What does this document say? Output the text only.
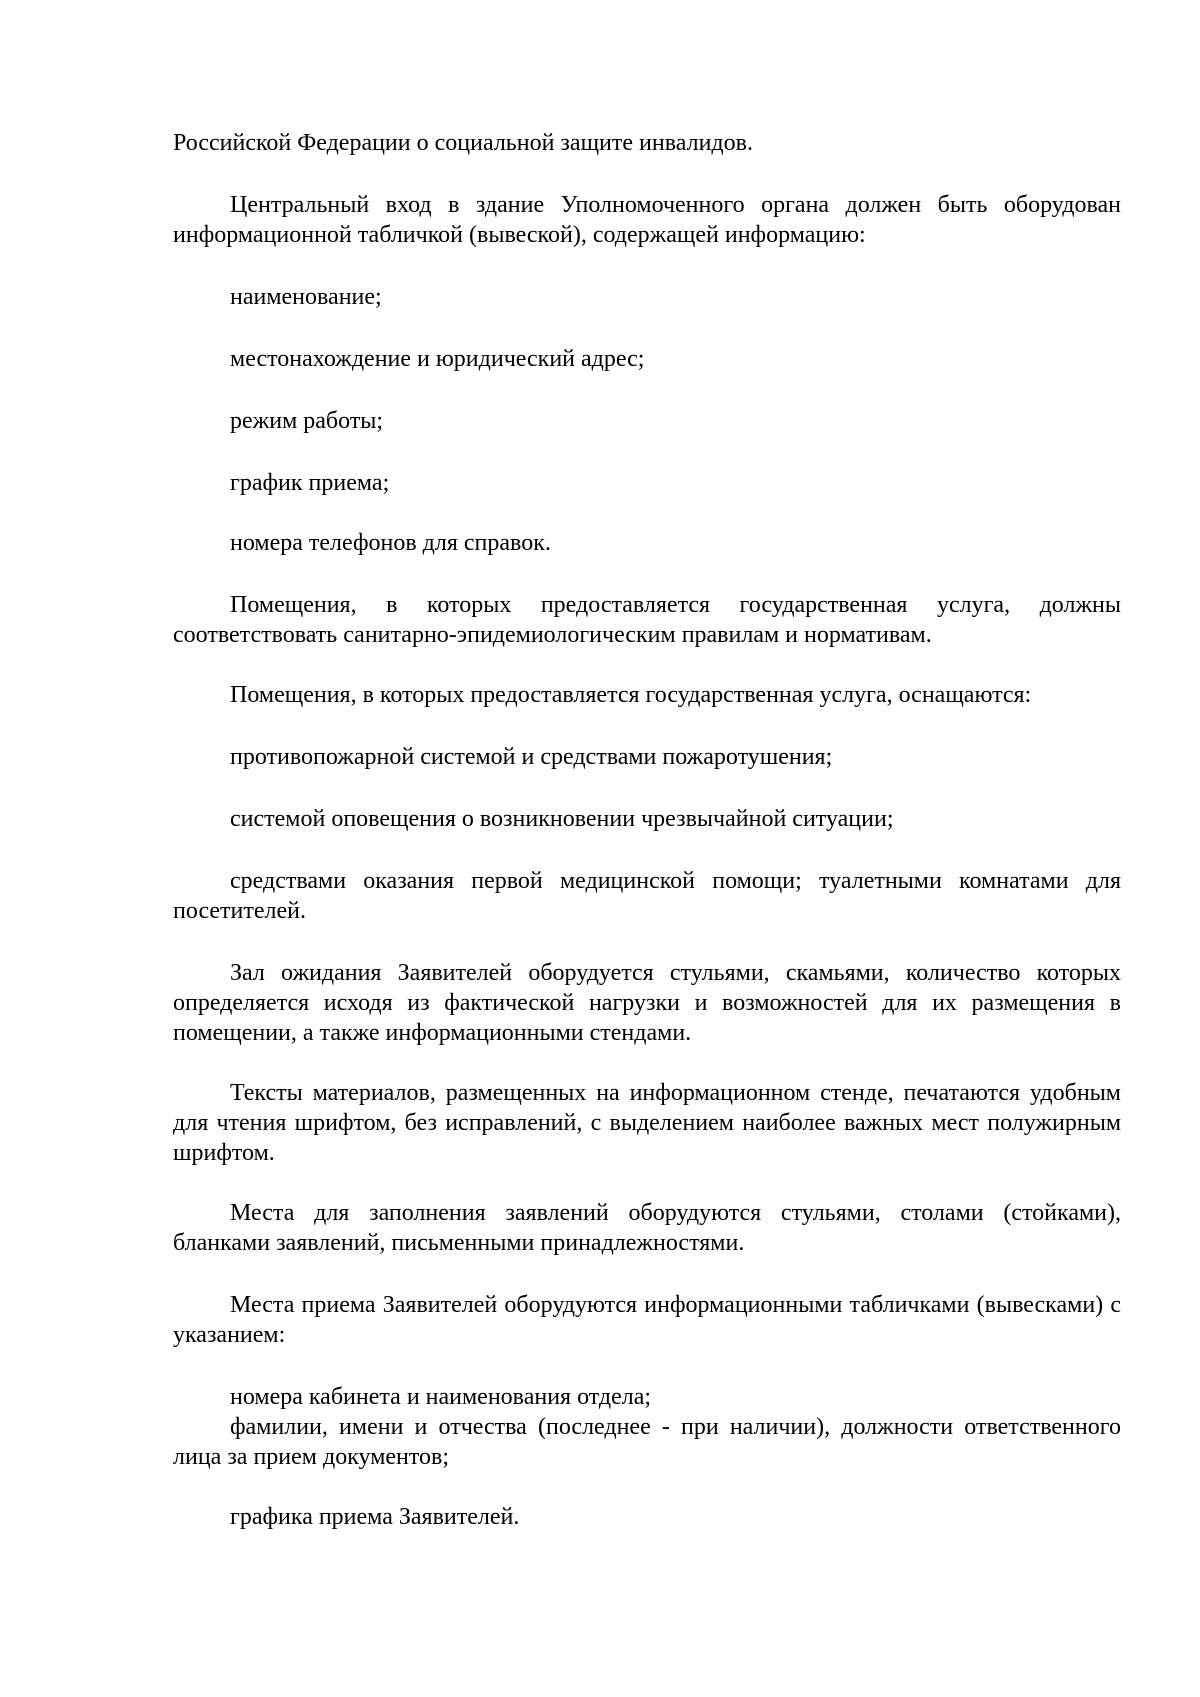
Российской Федерации о социальной защите инвалидов.

Центральный вход в здание Уполномоченного органа должен быть оборудован информационной табличкой (вывеской), содержащей информацию:

наименование;

местонахождение и юридический адрес;

режим работы;

график приема;

номера телефонов для справок.

Помещения, в которых предоставляется государственная услуга, должны соответствовать санитарно-эпидемиологическим правилам и нормативам.

Помещения, в которых предоставляется государственная услуга, оснащаются:

противопожарной системой и средствами пожаротушения;

системой оповещения о возникновении чрезвычайной ситуации;

средствами оказания первой медицинской помощи; туалетными комнатами для посетителей.

Зал ожидания Заявителей оборудуется стульями, скамьями, количество которых определяется исходя из фактической нагрузки и возможностей для их размещения в помещении, а также информационными стендами.

Тексты материалов, размещенных на информационном стенде, печатаются удобным для чтения шрифтом, без исправлений, с выделением наиболее важных мест полужирным шрифтом.

Места для заполнения заявлений оборудуются стульями, столами (стойками), бланками заявлений, письменными принадлежностями.

Места приема Заявителей оборудуются информационными табличками (вывесками) с указанием:

номера кабинета и наименования отдела;

фамилии, имени и отчества (последнее - при наличии), должности ответственного лица за прием документов;

графика приема Заявителей.
